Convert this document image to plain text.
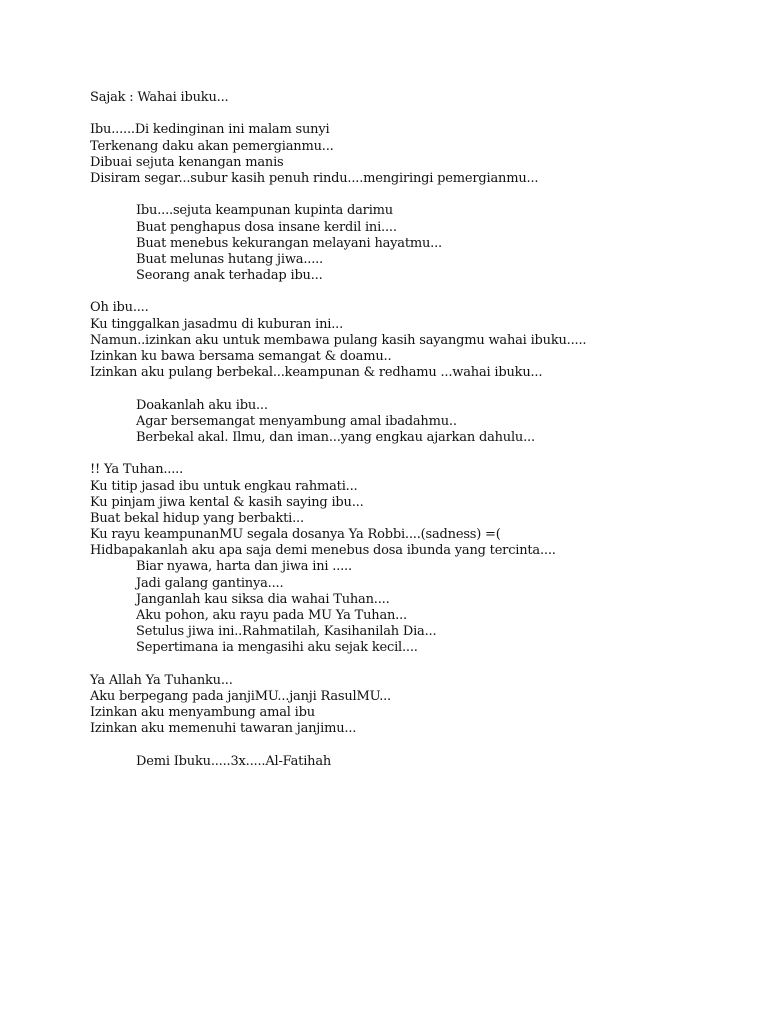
Sajak : Wahai ibuku...
Ibu......Di kedinginan ini malam sunyi
Terkenang daku akan pemergianmu...
Dibuai sejuta kenangan manis
Disiram segar...subur kasih penuh rindu....mengiringi pemergianmu...
Ibu....sejuta keampunan kupinta darimu
Buat penghapus dosa insane kerdil ini....
Buat menebus kekurangan melayani hayatmu...
Buat melunas hutang jiwa.....
Seorang anak terhadap ibu...
Oh ibu....
Ku tinggalkan jasadmu di kuburan ini...
Namun..izinkan aku untuk membawa pulang kasih sayangmu wahai ibuku.....
Izinkan ku bawa bersama semangat & doamu..
Izinkan aku pulang berbekal...keampunan & redhamu ...wahai ibuku...
Doakanlah aku ibu...
Agar bersemangat menyambung amal ibadahmu..
Berbekal akal. Ilmu, dan iman...yang engkau ajarkan dahulu...
!! Ya Tuhan.....
Ku titip jasad ibu untuk engkau rahmati...
Ku pinjam jiwa kental & kasih saying ibu...
Buat bekal hidup yang berbakti...
Ku rayu keampunanMU segala dosanya Ya Robbi....(sadness) =(
Hidbapakanlah aku apa saja demi menebus dosa ibunda yang tercinta....
Biar nyawa, harta dan jiwa ini .....
Jadi galang gantinya....
Janganlah kau siksa dia wahai Tuhan....
Aku pohon, aku rayu pada MU Ya Tuhan...
Setulus jiwa ini..Rahmatilah, Kasihanilah Dia...
Sepertimana ia mengasihi aku sejak kecil....
Ya Allah Ya Tuhanku...
Aku berpegang pada janjiMU...janji RasulMU...
Izinkan aku menyambung amal ibu
Izinkan aku memenuhi tawaran janjimu...
Demi Ibuku.....3x.....Al-Fatihah
